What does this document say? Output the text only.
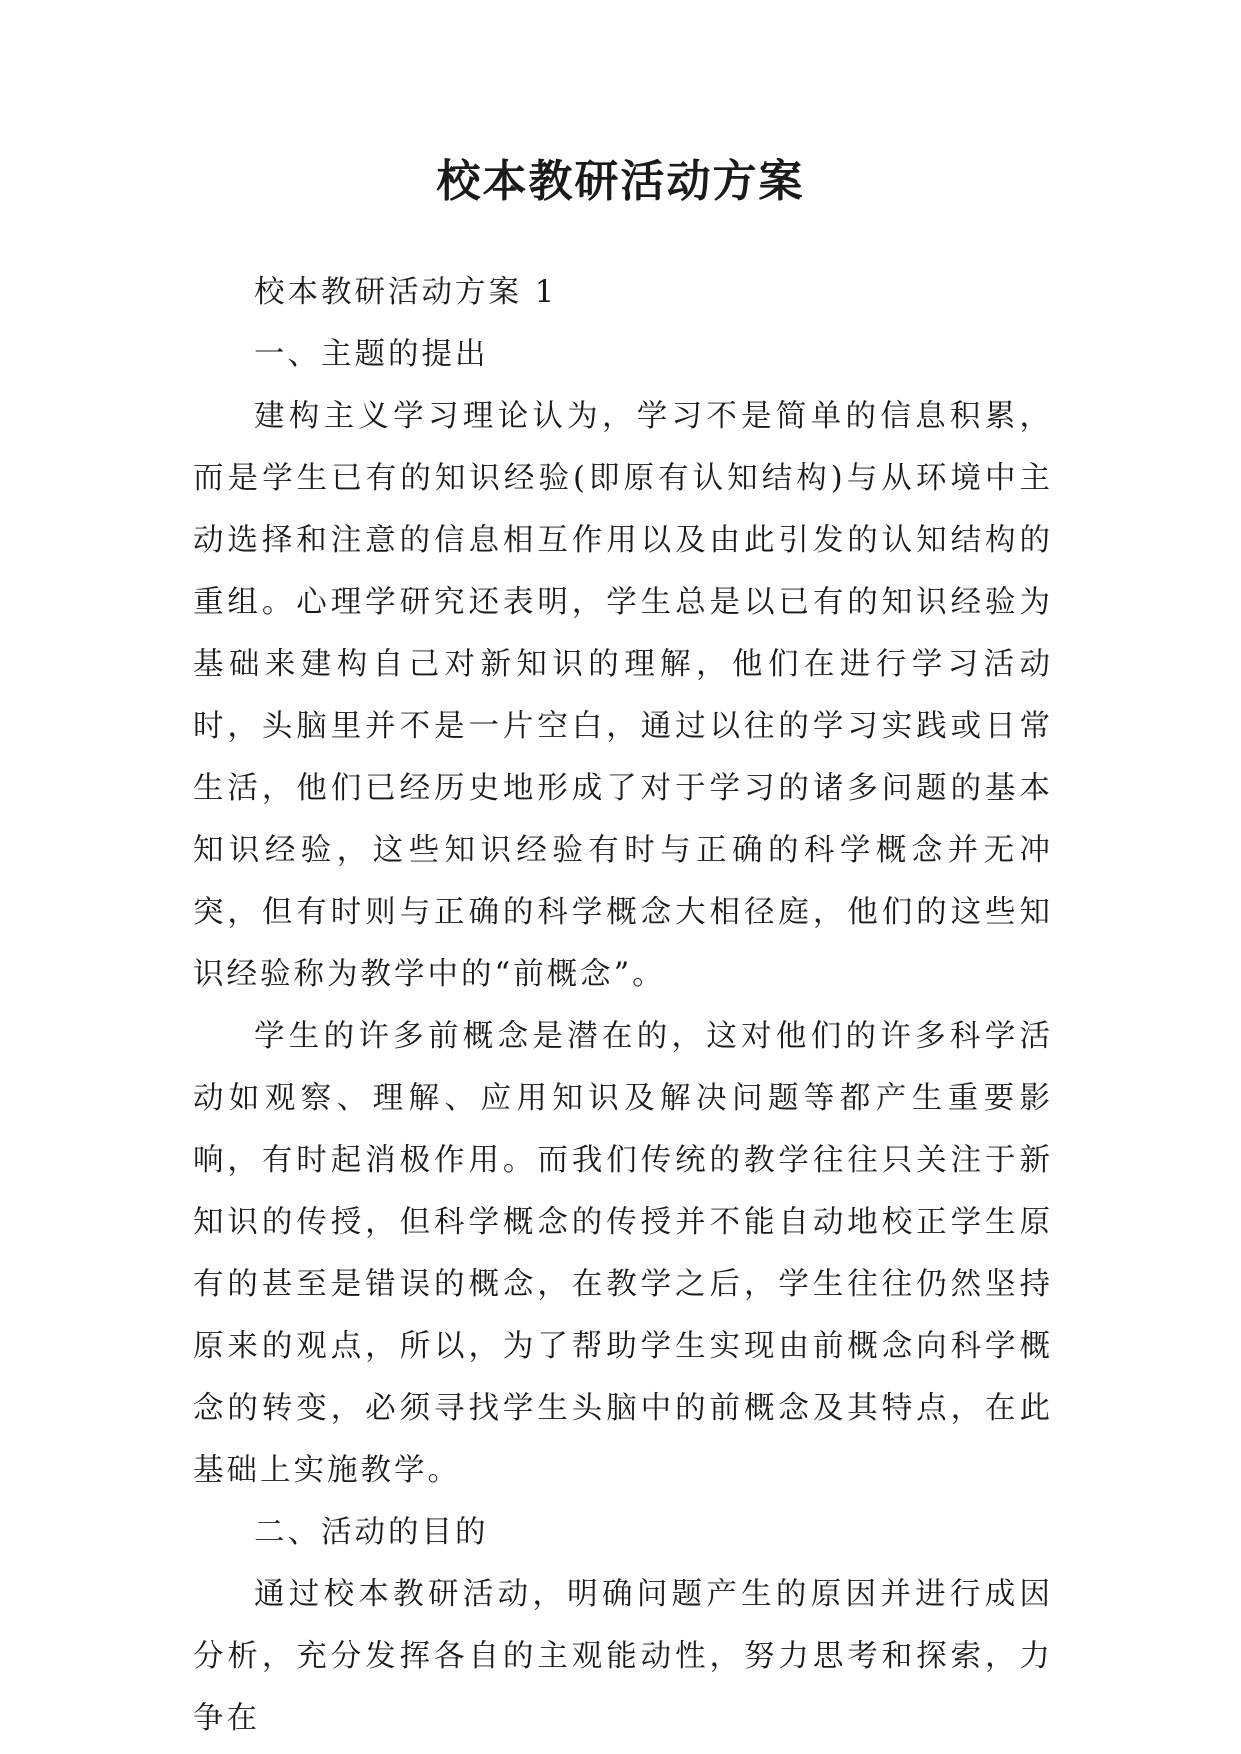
校本教研活动方案

校本教研活动方案 1

一、主题的提出

建构主义学习理论认为，学习不是简单的信息积累，而是学生已有的知识经验(即原有认知结构)与从环境中主动选择和注意的信息相互作用以及由此引发的认知结构的重组。心理学研究还表明，学生总是以已有的知识经验为基础来建构自己对新知识的理解，他们在进行学习活动时，头脑里并不是一片空白，通过以往的学习实践或日常生活，他们已经历史地形成了对于学习的诸多问题的基本知识经验，这些知识经验有时与正确的科学概念并无冲突，但有时则与正确的科学概念大相径庭，他们的这些知识经验称为教学中的“前概念”。

学生的许多前概念是潜在的，这对他们的许多科学活动如观察、理解、应用知识及解决问题等都产生重要影响，有时起消极作用。而我们传统的教学往往只关注于新知识的传授，但科学概念的传授并不能自动地校正学生原有的甚至是错误的概念，在教学之后，学生往往仍然坚持原来的观点，所以，为了帮助学生实现由前概念向科学概念的转变，必须寻找学生头脑中的前概念及其特点，在此基础上实施教学。

二、活动的目的

通过校本教研活动，明确问题产生的原因并进行成因分析，充分发挥各自的主观能动性，努力思考和探索，力争在
